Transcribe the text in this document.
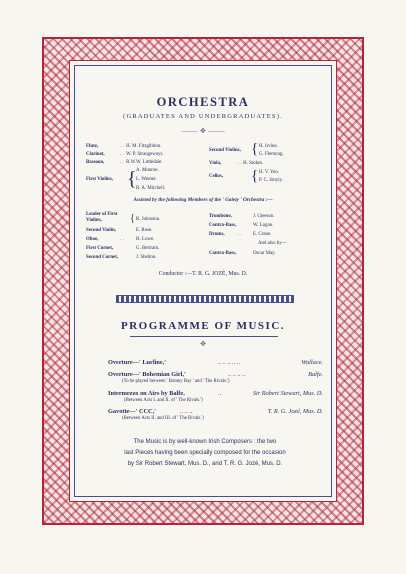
ORCHESTRA
(GRADUATES AND UNDERGRADUATES).
⸻ ✥ ⸻
Flute,	. . H. M. Fitzgibbon.
Clarinet,	. . W. P. Strangeways.
Bassoon,	. . R.W.W. Littledale.
First Violins, { A. Monroe.
L. Werner.
R. A. Mitchell.
Second Violins, { H. Irvine.
G. Flemyng.
Viola,	. . H. Stokes.
Cellos, { H. V. Yeo.
P. C. Smyly.
Assisted by the following Members of the ' Gaiety ' Orchestra :—
Leader of First Violins,	{ R. Johnston.
Second Violin,	E. Rose.
Oboe,	. .	H. Lowe.
First Cornet,	G. Bertram.
Second Cornet,	J. Shelton.
Trombone,	J. Gleeson.
Contra-Bass,	W. Logan.
Drums,	. .	E. Crane.
And also by—
Contra-Bass,	Oscar May.
Conductor :—T. R. G. JOZÉ, Mus. D.
PROGRAMME OF MUSIC.
✥
Overture—' Lurline,'	.. .. .. .. ..	Wallace.
Overture—' Bohemian Girl,'	.. .. .. ..	Balfe.
(To be played between ' Botany Bay ' and ' The Rivals.')
Intermezzo on Airs by Balfe,	..	Sir Robert Stewart, Mus. D.
(Between Acts I. and II. of ' The Rivals.')
Gavotte—' CCC,'	.. .. ..	T. R. G. Jozé, Mus. D.
(Between Acts II. and III. of ' The Rivals.')
The Music is by well-known Irish Composers : the two
last Pieces having been specially composed for the occasion
by Sir Robert Stewart, Mus. D., and T. R. G. Jozé, Mus. D.
